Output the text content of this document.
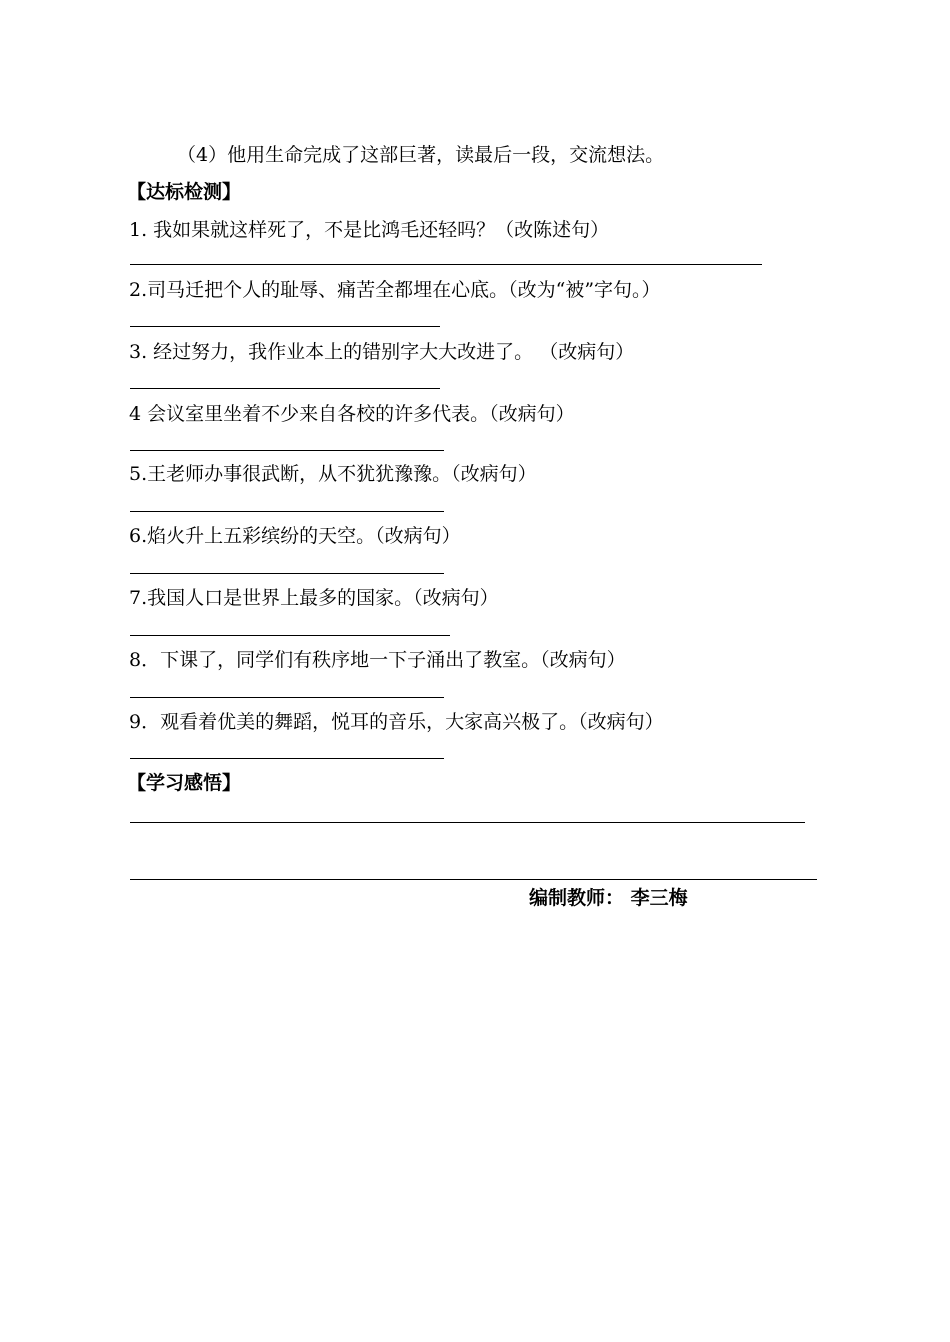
（4）他用生命完成了这部巨著，读最后一段，交流想法。
【达标检测】
1. 我如果就这样死了，不是比鸿毛还轻吗？（改陈述句）
2.司马迁把个人的耻辱、痛苦全都埋在心底。（改为“被”字句。）
3. 经过努力，我作业本上的错别字大大改进了。 （改病句）
4 会议室里坐着不少来自各校的许多代表。（改病句）
5.王老师办事很武断，从不犹犹豫豫。（改病句）
6.焰火升上五彩缤纷的天空。（改病句）
7.我国人口是世界上最多的国家。（改病句）
8．下课了，同学们有秩序地一下子涌出了教室。（改病句）
9．观看着优美的舞蹈，悦耳的音乐，大家高兴极了。（改病句）
【学习感悟】
编制教师： 李三梅
